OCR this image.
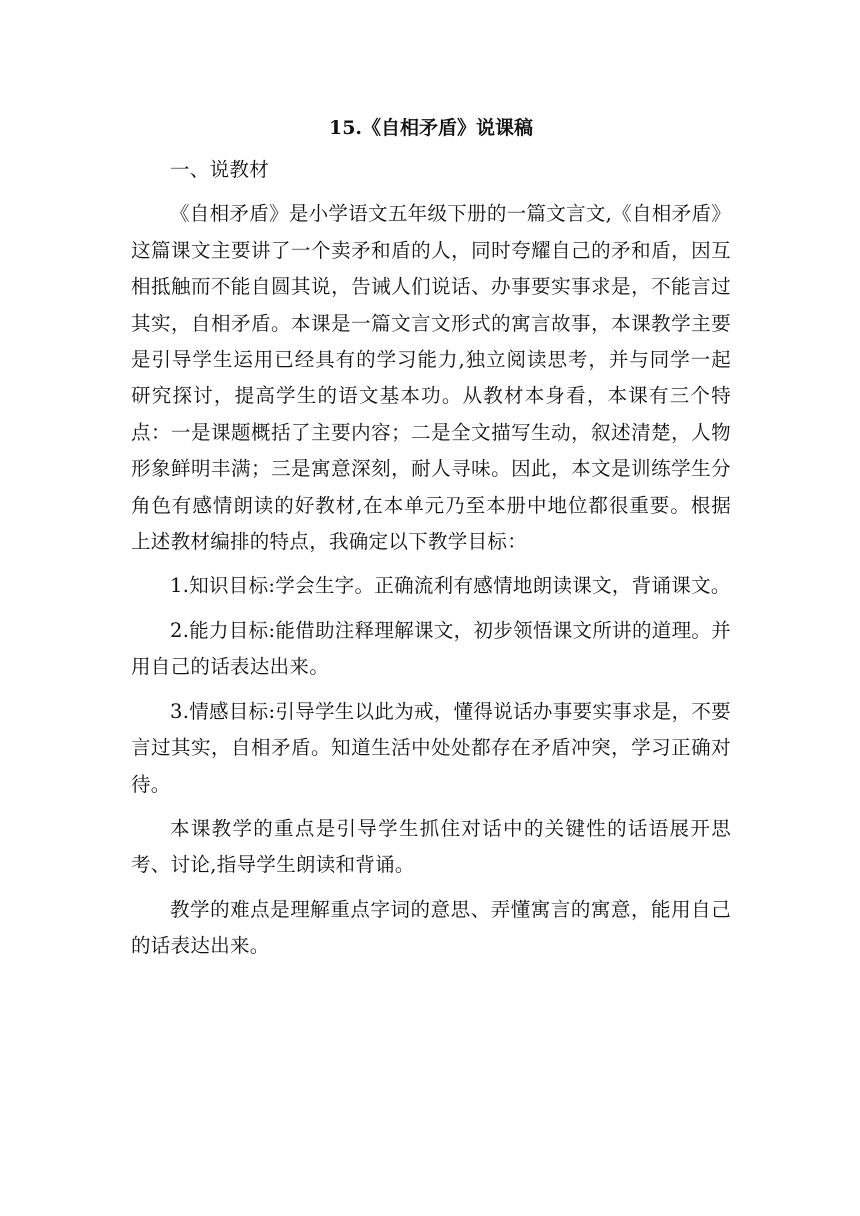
15.《自相矛盾》说课稿

一、说教材

《自相矛盾》是小学语文五年级下册的一篇文言文,《自相矛盾》这篇课文主要讲了一个卖矛和盾的人，同时夸耀自己的矛和盾，因互相抵触而不能自圆其说，告诫人们说话、办事要实事求是，不能言过其实，自相矛盾。本课是一篇文言文形式的寓言故事，本课教学主要是引导学生运用已经具有的学习能力,独立阅读思考，并与同学一起研究探讨，提高学生的语文基本功。从教材本身看，本课有三个特点：一是课题概括了主要内容；二是全文描写生动，叙述清楚，人物形象鲜明丰满；三是寓意深刻，耐人寻味。因此，本文是训练学生分角色有感情朗读的好教材,在本单元乃至本册中地位都很重要。根据上述教材编排的特点，我确定以下教学目标：

1.知识目标:学会生字。正确流利有感情地朗读课文，背诵课文。

2.能力目标:能借助注释理解课文，初步领悟课文所讲的道理。并用自己的话表达出来。

3.情感目标:引导学生以此为戒，懂得说话办事要实事求是，不要言过其实，自相矛盾。知道生活中处处都存在矛盾冲突，学习正确对待。

本课教学的重点是引导学生抓住对话中的关键性的话语展开思考、讨论,指导学生朗读和背诵。

教学的难点是理解重点字词的意思、弄懂寓言的寓意，能用自己的话表达出来。
